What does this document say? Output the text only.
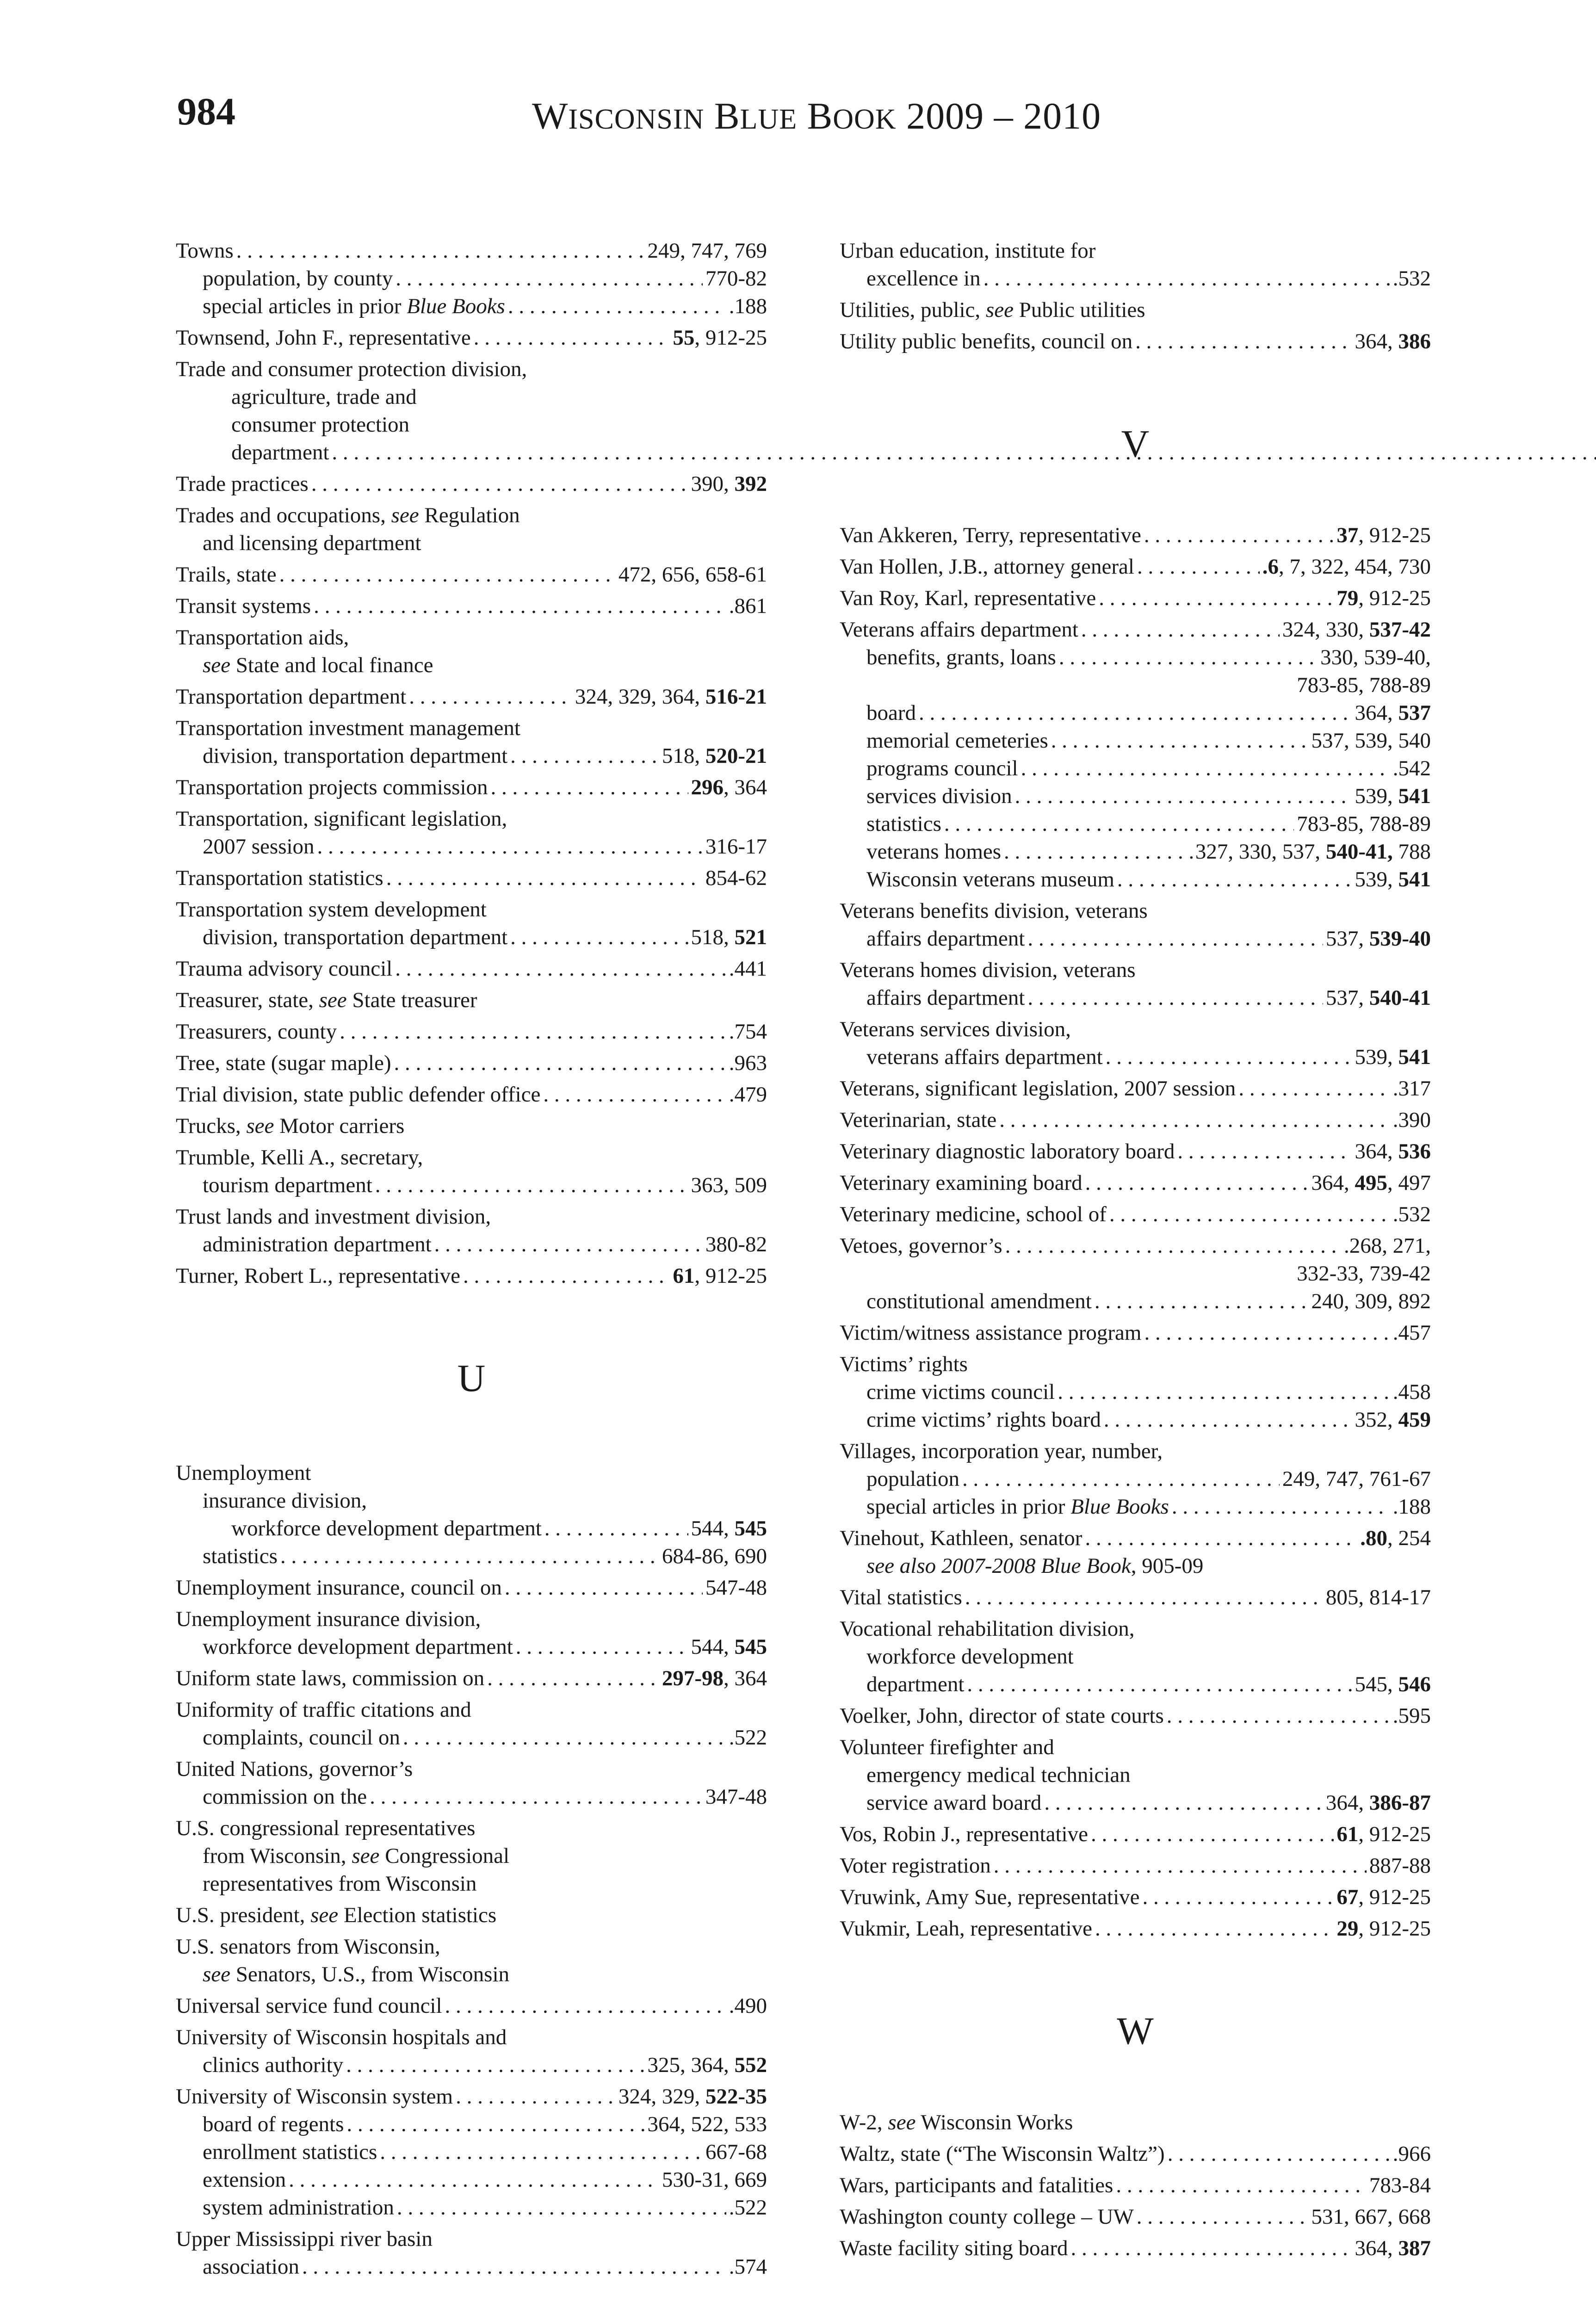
984	WISCONSIN BLUE BOOK 2009 – 2010
Towns . . .	249, 747, 769
population, by county . . .	770-82
special articles in prior Blue Books . . .	.188
Townsend, John F., representative . . .	55, 912-25
Trade and consumer protection division,
agriculture, trade and
consumer protection
department. . .
Trade practices . . .	390, 392
Trades and occupations, see Regulation
and licensing department
Trails, state . . .	472, 656, 658-61
Transit systems . . .	.861
Transportation aids,
see State and local finance
Transportation department . . .	324, 329, 364, 516-21
Transportation investment management
division, transportation department . . .	518, 520-21
Transportation projects commission . . .	296, 364
Transportation, significant legislation,
2007 session . . .	316-17
Transportation statistics . . .	854-62
Transportation system development
division, transportation department . . .	518, 521
Trauma advisory council . . .	.441
Treasurer, state, see State treasurer
Treasurers, county . . .	.754
Tree, state (sugar maple) . . .	.963
Trial division, state public defender office . . .	.479
Trucks, see Motor carriers
Trumble, Kelli A., secretary,
tourism department . . .	363, 509
Trust lands and investment division,
administration department . . .	380-82
Turner, Robert L., representative . . .	61, 912-25
U
Unemployment
insurance division,
workforce development department . . .	544, 545
statistics . . .	684-86, 690
Unemployment insurance, council on . . .	547-48
Unemployment insurance division,
workforce development department . . .	544, 545
Uniform state laws, commission on . . .	297-98, 364
Uniformity of traffic citations and
complaints, council on . . .	.522
United Nations, governor’s
commission on the . . .	347-48
U.S. congressional representatives
from Wisconsin, see Congressional
representatives from Wisconsin
U.S. president, see Election statistics
U.S. senators from Wisconsin,
see Senators, U.S., from Wisconsin
Universal service fund council . . .	.490
University of Wisconsin hospitals and
clinics authority . . .	325, 364, 552
University of Wisconsin system . . .	324, 329, 522-35
board of regents . . .	364, 522, 533
enrollment statistics . . .	667-68
extension . . .	530-31, 669
system administration . . .	.522
Upper Mississippi river basin
association . . .	.574
Urban education, institute for
excellence in . . .	.532
Utilities, public, see Public utilities
Utility public benefits, council on . . .	364, 386
V
Van Akkeren, Terry, representative . . .	37, 912-25
Van Hollen, J.B., attorney general . . .	.6, 7, 322, 454, 730
Van Roy, Karl, representative . . .	79, 912-25
Veterans affairs department . . .	324, 330, 537-42
benefits, grants, loans . . .	330, 539-40,
783-85, 788-89
board . . .	364, 537
memorial cemeteries . . .	537, 539, 540
programs council . . .	.542
services division . . .	539, 541
statistics . . .	783-85, 788-89
veterans homes . . .	327, 330, 537, 540-41, 788
Wisconsin veterans museum . . .	539, 541
Veterans benefits division, veterans
affairs department . . .	537, 539-40
Veterans homes division, veterans
affairs department . . .	537, 540-41
Veterans services division,
veterans affairs department . . .	539, 541
Veterans, significant legislation, 2007 session . . .	.317
Veterinarian, state . . .	.390
Veterinary diagnostic laboratory board . . .	364, 536
Veterinary examining board . . .	364, 495, 497
Veterinary medicine, school of . . .	.532
Vetoes, governor’s . . .	.268, 271,
332-33, 739-42
constitutional amendment . . .	240, 309, 892
Victim/witness assistance program . . .	.457
Victims’ rights
crime victims council . . .	.458
crime victims’ rights board . . .	352, 459
Villages, incorporation year, number,
population . . .	249, 747, 761-67
special articles in prior Blue Books . . .	.188
Vinehout, Kathleen, senator . . .	.80, 254
see also 2007-2008 Blue Book, 905-09
Vital statistics . . .	805, 814-17
Vocational rehabilitation division,
workforce development
department . . .	545, 546
Voelker, John, director of state courts . . .	.595
Volunteer firefighter and
emergency medical technician
service award board . . .	364, 386-87
Vos, Robin J., representative . . .	61, 912-25
Voter registration . . .	887-88
Vruwink, Amy Sue, representative . . .	67, 912-25
Vukmir, Leah, representative . . .	29, 912-25
W
W-2, see Wisconsin Works
Waltz, state (“The Wisconsin Waltz”) . . .	.966
Wars, participants and fatalities . . .	783-84
Washington county college – UW . . .	531, 667, 668
Waste facility siting board . . .	364, 387
